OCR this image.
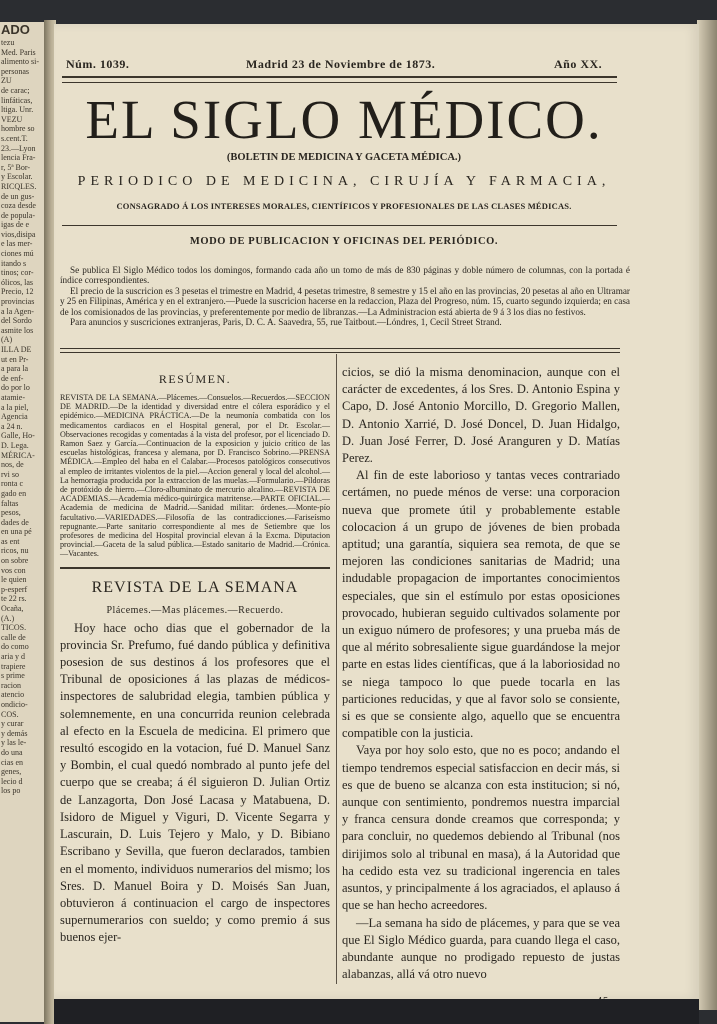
ADO
tezu
Med. Paris
alimento si-
personas
ZU
de carac;
linfáticas,
ltiga. Unr.
VEZU
hombre so
s.cent.T.
23.—Lyon
lencia Fra-
r, 5ª Bor-
y Escolar.
RICQLES.
de un gus-
coza desde
de popula-
igas de e
vios,disipa
e las mer-
ciones mú
itando s
tinos; cor-
ólicos, las
Precio, 12
provincias
a la Agen-
del Sordo
asmite los
(A)
ILLA DE
ut en Pr-
a para la
de enf-
do por lo
atamie-
a la piel,
Agencia
a 24 n.
Galle, Ho-
D. Lega.
MÉRICA-
nos, de
rvi so
ronta c
gado en
faltas
pesos,
dades de
en una pé
as ent
ricos, nu
on sobre
vos con
le quien
p-esperf
te 22 rs.
Ocaña,
(A.)
TICOS.
calle de
do como
aria y d
trapiere
s prime
racion
atencio
ondicio-
COS.
y curar
y demás
y las le-
do una
cias en
genes,
lecio d
los po
Núm. 1039.	Madrid 23 de Noviembre de 1873.	Año XX.
EL SIGLO MÉDICO.
(BOLETIN DE MEDICINA Y GACETA MÉDICA.)
PERIODICO DE MEDICINA, CIRUJÍA Y FARMACIA,
CONSAGRADO Á LOS INTERESES MORALES, CIENTÍFICOS Y PROFESIONALES DE LAS CLASES MÉDICAS.
MODO DE PUBLICACION Y OFICINAS DEL PERIÓDICO.

Se publica El Siglo Médico todos los domingos, formando cada año un tomo de más de 830 páginas y doble número de columnas, con la portada é índice correspondientes.

El precio de la suscricion es 3 pesetas el trimestre en Madrid, 4 pesetas trimestre, 8 semestre y 15 el año en las provincias, 20 pesetas al año en Ultramar y 25 en Filipinas, América y en el extranjero.—Puede la suscricion hacerse en la redaccion, Plaza del Progreso, núm. 15, cuarto segundo izquierda; en casa de los comisionados de las provincias, y preferentemente por medio de libranzas.—La Administracion está abierta de 9 á 3 los dias no festivos.

Para anuncios y suscriciones extranjeras, Paris, D. C. A. Saavedra, 55, rue Taitbout.—Lóndres, 1, Cecil Street Strand.

RESÚMEN.

REVISTA DE LA SEMANA.—Plácemes.—Consuelos.—Recuerdos.—SECCION DE MADRID.—De la identidad y diversidad entre el cólera esporádico y el epidémico.—MEDICINA PRÁCTICA.—De la neumonía combatida con los medicamentos cardiacos en el Hospital general, por el Dr. Escolar.—Observaciones recogidas y comentadas á la vista del profesor, por el licenciado D. Ramon Saez y García.—Continuacion de la exposicion y juicio crítico de las escuelas histológicas, francesa y alemana, por D. Francisco Sobrino.—PRENSA MÉDICA.—Empleo del haba en el Calabar.—Procesos patológicos consecutivos al empleo de irritantes violentos de la piel.—Accion general y local del alcohol.—La hemorragia producida por la extraccion de las muelas.—Formulario.—Píldoras de protóxido de hierro.—Cloro-albuminato de mercurio alcalino.—REVISTA DE ACADEMIAS.—Academia médico-quirúrgica matritense.—PARTE OFICIAL.—Academia de medicina de Madrid.—Sanidad militar: órdenes.—Monte-pío facultativo.—VARIEDADES.—Filosofía de las contradicciones.—Fariseísmo repugnante.—Parte sanitario correspondiente al mes de Setiembre que los profesores de medicina del Hospital provincial elevan á la Excma. Diputacion provincial.—Gaceta de la salud pública.—Estado sanitario de Madrid.—Crónica.—Vacantes.

REVISTA DE LA SEMANA
Plácemes.—Mas plácemes.—Recuerdo.

Hoy hace ocho dias que el gobernador de la provincia Sr. Prefumo, fué dando pública y definitiva posesion de sus destinos á los profesores que el Tribunal de oposiciones á las plazas de médicos-inspectores de salubridad elegia, tambien pública y solemnemente, en una concurrida reunion celebrada al efecto en la Escuela de medicina. El primero que resultó escogido en la votacion, fué D. Manuel Sanz y Bombin, el cual quedó nombrado al punto jefe del cuerpo que se creaba; á él siguieron D. Julian Ortiz de Lanzagorta, Don José Lacasa y Matabuena, D. Isidoro de Miguel y Viguri, D. Vicente Segarra y Lascurain, D. Luis Tejero y Malo, y D. Bibiano Escribano y Sevilla, que fueron declarados, tambien en el momento, individuos numerarios del mismo; los Sres. D. Manuel Boira y D. Moisés San Juan, obtuvieron á continuacion el cargo de inspectores supernumerarios con sueldo; y como premio á sus buenos ejer-

cicios, se dió la misma denominacion, aunque con el carácter de excedentes, á los Sres. D. Antonio Espina y Capo, D. José Antonio Morcillo, D. Gregorio Mallen, D. Antonio Xarrié, D. José Doncel, D. Juan Hidalgo, D. Juan José Ferrer, D. José Aranguren y D. Matías Perez.

Al fin de este laborioso y tantas veces contrariado certámen, no puede ménos de verse: una corporacion nueva que promete útil y probablemente estable colocacion á un grupo de jóvenes de bien probada aptitud; una garantía, siquiera sea remota, de que se mejoren las condiciones sanitarias de Madrid; una indudable propagacion de importantes conocimientos especiales, que sin el estímulo por estas oposiciones provocado, hubieran seguido cultivados solamente por un exiguo número de profesores; y una prueba más de que al mérito sobresaliente sigue guardándose la mejor parte en estas lides científicas, que á la laboriosidad no se niega tampoco lo que puede tocarla en las particiones reducidas, y que al favor solo se consiente, si es que se consiente algo, aquello que se encuentra compatible con la justicia.

Vaya por hoy solo esto, que no es poco; andando el tiempo tendremos especial satisfaccion en decir más, si es que de bueno se alcanza con esta institucion; si nó, aunque con sentimiento, pondremos nuestra imparcial y franca censura donde creamos que corresponda; y para concluir, no quedemos debiendo al Tribunal (nos dirijimos solo al tribunal en masa), á la Autoridad que ha cedido esta vez su tradicional ingerencia en tales asuntos, y principalmente á los agraciados, el aplauso á que se han hecho acreedores.

—La semana ha sido de plácemes, y para que se vea que El Siglo Médico guarda, para cuando llega el caso, abundante aunque no prodigado repuesto de justas alabanzas, allá vá otro nuevo
